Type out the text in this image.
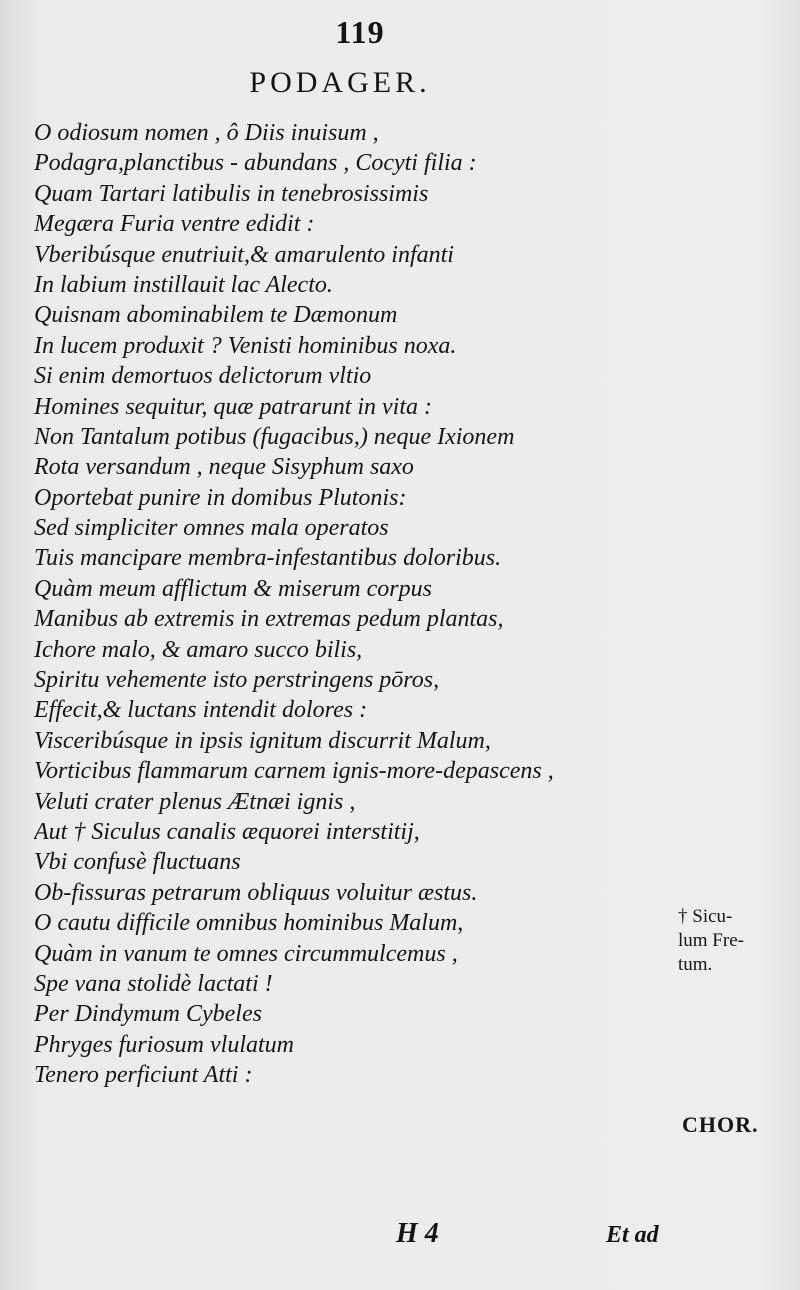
119
PODAGER.
O odiosum nomen , ô Diis inuisum ,
Podagra,planctibus - abundans , Cocyti filia :
Quam Tartari latibulis in tenebrosissimis
Megæra Furia ventre edidit :
Vberibúsque enutriuit,& amarulento infanti
In labium instillauit lac Alecto.
Quisnam abominabilem te Dæmonum
In lucem produxit ? Venisti hominibus noxa.
Si enim demortuos delictorum vltio
Homines sequitur, quæ patrarunt in vita :
Non Tantalum potibus (fugacibus,) neque Ixionem
Rota versandum , neque Sisyphum saxo
Oportebat punire in domibus Plutonis:
Sed simpliciter omnes mala operatos
Tuis mancipare membra-infestantibus doloribus.
Quàm meum afflictum & miserum corpus
Manibus ab extremis in extremas pedum plantas,
Ichore malo, & amaro succo bilis,
Spiritu vehemente isto perstringens pōros,
Effecit,& luctans intendit dolores :
Visceribúsque in ipsis ignitum discurrit Malum,
Vorticibus flammarum carnem ignis-more-depascens ,
Veluti crater plenus Ætnæi ignis ,
Aut † Siculus canalis æquorei interstitij,
Vbi confusè fluctuans
Ob-fissuras petrarum obliquus voluitur æstus.
O cautu difficile omnibus hominibus Malum,
Quàm in vanum te omnes circummulcemus ,
Spe vana stolidè lactati !
Per Dindymum Cybeles
Phryges furiosum vlulatum
Tenero perficiunt Atti :
† Sicu-
lum Fre-
tum.
CHOR.
H 4	Et ad
